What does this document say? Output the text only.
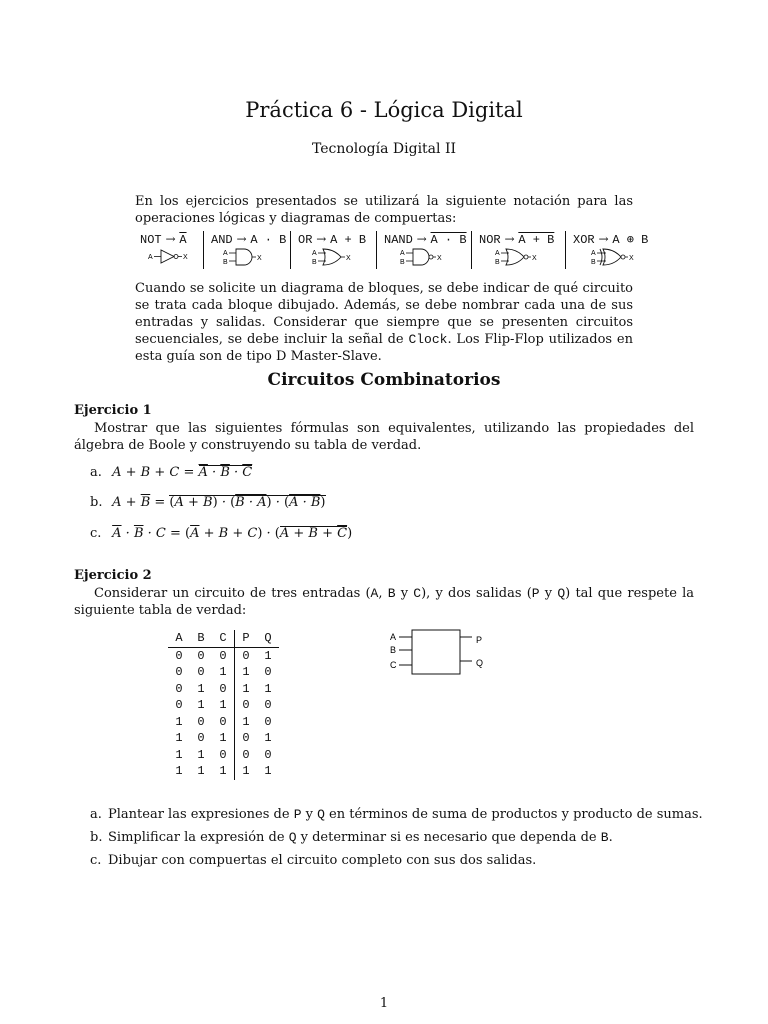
Práctica 6 - Lógica Digital
Tecnología Digital II
En los ejercicios presentados se utilizará la siguiente notación para las operaciones lógicas y diagramas de compuertas:
NOT → $\overline{A}$
A	X
AND → A · B
A
B
X
OR → A + B
A
B
X
NAND → A · B
A
B
X
NOR → A + B
A
B
X
XOR → A ⊕ B
A
B
X
Cuando se solicite un diagrama de bloques, se debe indicar de qué circuito se trata cada bloque dibujado. Además, se debe nombrar cada una de sus entradas y salidas. Considerar que siempre que se presenten circuitos secuenciales, se debe incluir la señal de Clock. Los Flip-Flop utilizados en esta guía son de tipo D Master-Slave.
Circuitos Combinatorios
Ejercicio 1
Mostrar que las siguientes fórmulas son equivalentes, utilizando las propiedades del álgebra de Boole y construyendo su tabla de verdad.
a. $A + B + C = \overline{A} \cdot \overline{B} \cdot \overline{C}$
b. $A + \overline{B} = (A + B) \cdot (B \cdot A) \cdot (A \cdot B)$
c. $\overline{A} \cdot \overline{B} \cdot C = (\overline{A} + B + C) \cdot (A + B + \overline{C})$
Ejercicio 2
Considerar un circuito de tres entradas (A, B y C), y dos salidas (P y Q) tal que respete la siguiente tabla de verdad:
A	B	C	P	Q
0	0	0	0	1
0	0	1	1	0
0	1	0	1	1
0	1	1	0	0
1	0	0	1	0
1	0	1	0	1
1	1	0	0	0
1	1	1	1	1
A
B
C
P
Q
a. Plantear las expresiones de P y Q en términos de suma de productos y producto de sumas.
b. Simplificar la expresión de Q y determinar si es necesario que dependa de B.
c. Dibujar con compuertas el circuito completo con sus dos salidas.
1
